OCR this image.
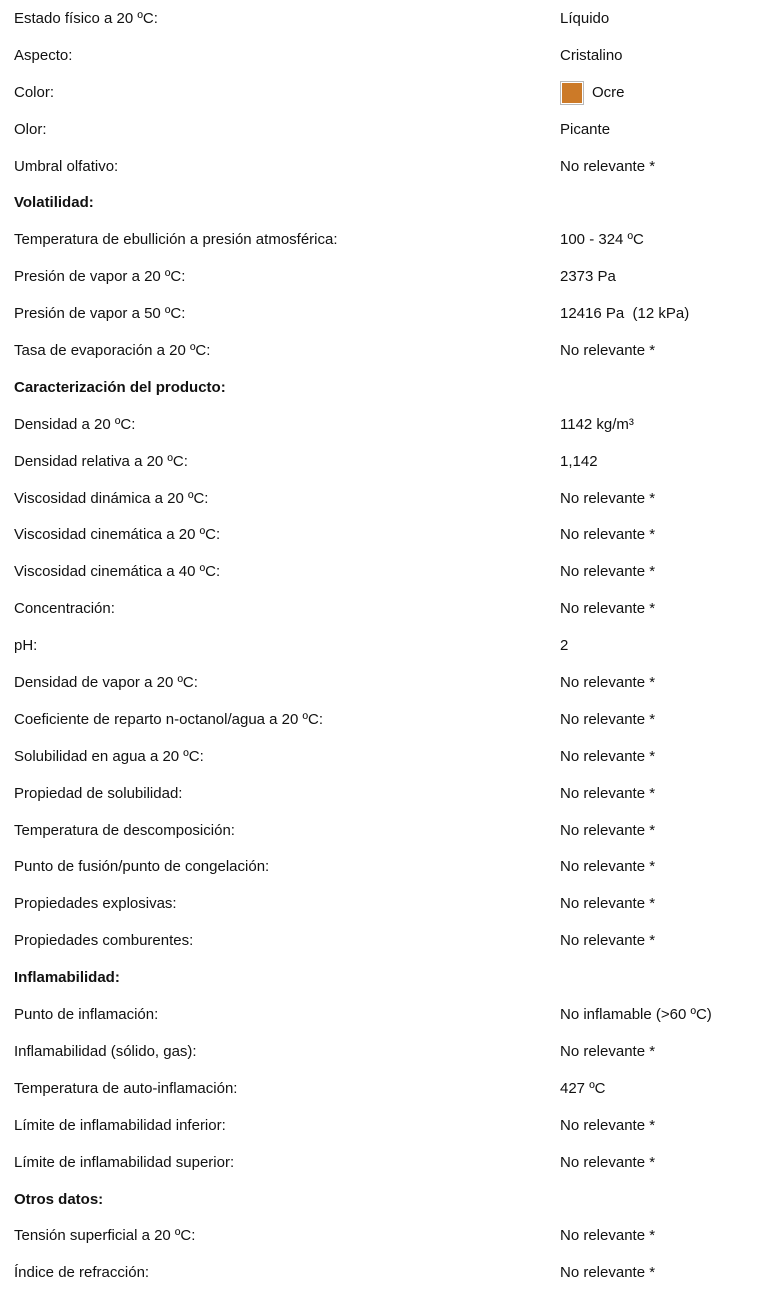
Estado físico a 20 ºC:	Líquido
Aspecto:	Cristalino
Color:	Ocre
Olor:	Picante
Umbral olfativo:	No relevante *
Volatilidad:
Temperatura de ebullición a presión atmosférica:	100 - 324 ºC
Presión de vapor a 20 ºC:	2373 Pa
Presión de vapor a 50 ºC:	12416 Pa  (12 kPa)
Tasa de evaporación a 20 ºC:	No relevante *
Caracterización del producto:
Densidad a 20 ºC:	1142 kg/m³
Densidad relativa a 20 ºC:	1,142
Viscosidad dinámica a 20 ºC:	No relevante *
Viscosidad cinemática a 20 ºC:	No relevante *
Viscosidad cinemática a 40 ºC:	No relevante *
Concentración:	No relevante *
pH:	2
Densidad de vapor a 20 ºC:	No relevante *
Coeficiente de reparto n-octanol/agua a 20 ºC:	No relevante *
Solubilidad en agua a 20 ºC:	No relevante *
Propiedad de solubilidad:	No relevante *
Temperatura de descomposición:	No relevante *
Punto de fusión/punto de congelación:	No relevante *
Propiedades explosivas:	No relevante *
Propiedades comburentes:	No relevante *
Inflamabilidad:
Punto de inflamación:	No inflamable (>60 ºC)
Inflamabilidad (sólido, gas):	No relevante *
Temperatura de auto-inflamación:	427 ºC
Límite de inflamabilidad inferior:	No relevante *
Límite de inflamabilidad superior:	No relevante *
Otros datos:
Tensión superficial a 20 ºC:	No relevante *
Índice de refracción:	No relevante *
